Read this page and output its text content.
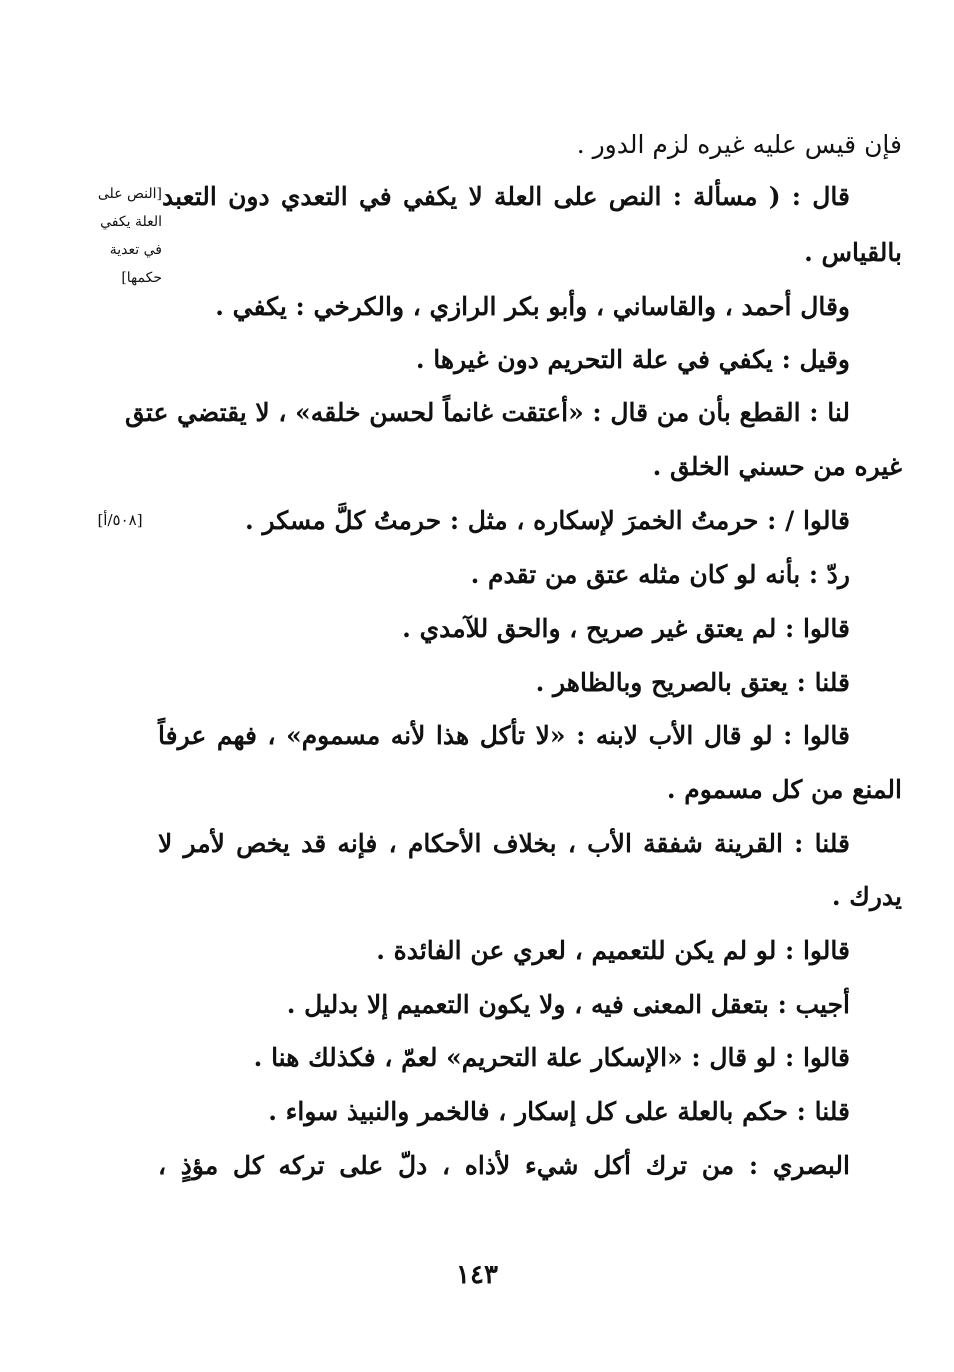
فإن قيس عليه غيره لزم الدور .
قال : ( مسألة : النص على العلة لا يكفي في التعدي دون التعبد
بالقياس .
وقال أحمد ، والقاساني ، وأبو بكر الرازي ، والكرخي : يكفي .
وقيل : يكفي في علة التحريم دون غيرها .
لنا : القطع بأن من قال : «أعتقت غانماً لحسن خلقه» ، لا يقتضي عتق
غيره من حسني الخلق .
قالوا / : حرمتُ الخمرَ لإسكاره ، مثل : حرمتُ كلَّ مسكر .
ردّ : بأنه لو كان مثله عتق من تقدم .
قالوا : لم يعتق غير صريح ، والحق للآمدي .
قلنا : يعتق بالصريح وبالظاهر .
قالوا : لو قال الأب لابنه : «لا تأكل هذا لأنه مسموم» ، فهم عرفاً
المنع من كل مسموم .
قلنا : القرينة شفقة الأب ، بخلاف الأحكام ، فإنه قد يخص لأمر لا
يدرك .
قالوا : لو لم يكن للتعميم ، لعري عن الفائدة .
أجيب : بتعقل المعنى فيه ، ولا يكون التعميم إلا بدليل .
قالوا : لو قال : «الإسكار علة التحريم» لعمّ ، فكذلك هنا .
قلنا : حكم بالعلة على كل إسكار ، فالخمر والنبيذ سواء .
البصري : من ترك أكل شيء لأذاه ، دلّ على تركه كل مؤذٍ ،
[النص على
العلة يكفي
في تعدية
حكمها]
[٥٠٨/أ]
١٤٣
